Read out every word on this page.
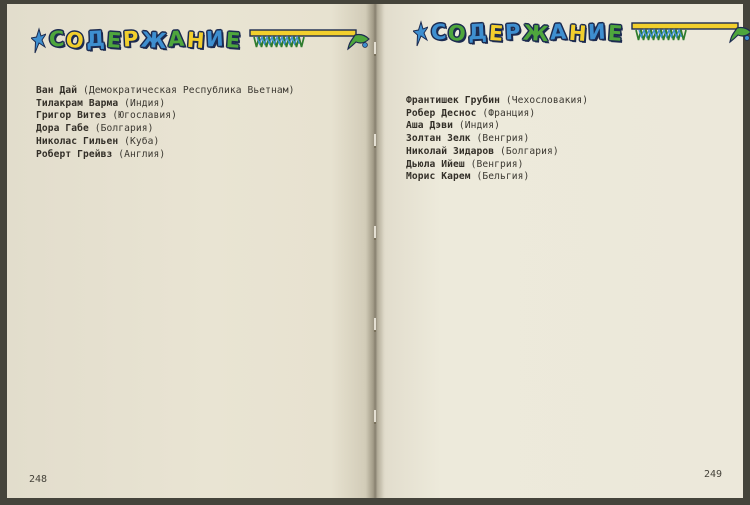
СОДЕРЖАНИЕ
Ван Дай (Демократическая Республика Вьетнам)
Тилакрам Варма (Индия)
Григор Витез (Югославия)
Дора Габе (Болгария)
Николас Гильен (Куба)
Роберт Грейвз (Англия)
248
СОДЕРЖАНИЕ
Франтишек Грубин (Чехословакия)
Робер Деснос (Франция)
Аша Дэви (Индия)
Золтан Зелк (Венгрия)
Николай Зидаров (Болгария)
Дьюла Ийеш (Венгрия)
Морис Карем (Бельгия)
249
